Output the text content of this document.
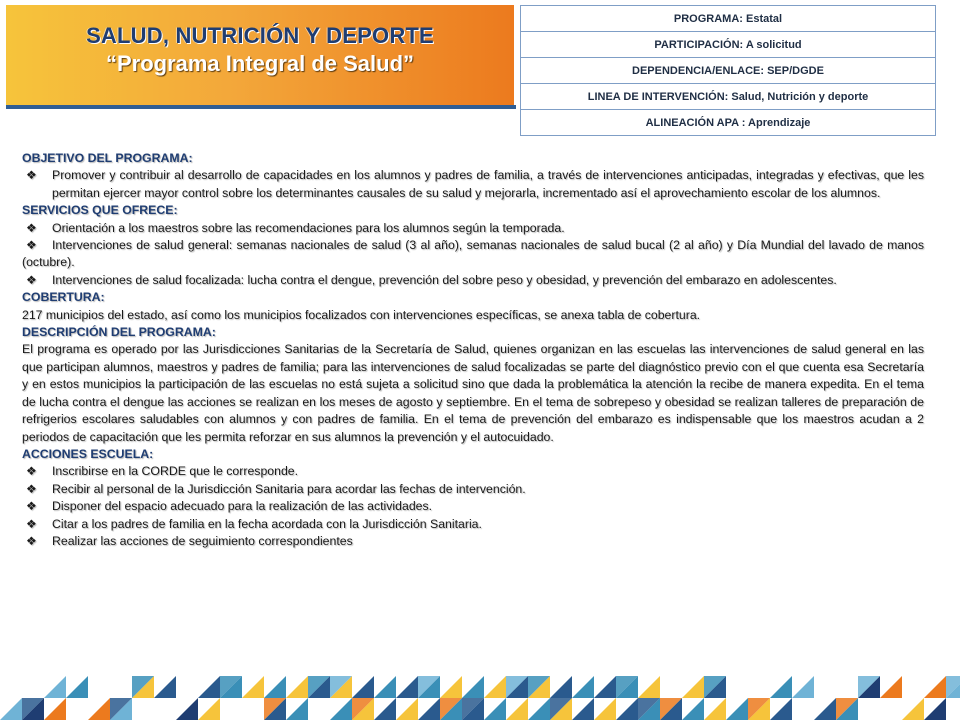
SALUD, NUTRICIÓN Y DEPORTE
“Programa Integral de Salud”
PROGRAMA: Estatal
PARTICIPACIÓN: A solicitud
DEPENDENCIA/ENLACE: SEP/DGDE
LINEA DE INTERVENCIÓN: Salud, Nutrición y deporte
ALINEACIÓN APA : Aprendizaje
OBJETIVO DEL PROGRAMA:
❖ Promover y contribuir al desarrollo de capacidades en los alumnos y padres de familia, a través de intervenciones anticipadas, integradas y efectivas, que les permitan ejercer mayor control sobre los determinantes causales de su salud y mejorarla, incrementado así el aprovechamiento escolar de los alumnos.
SERVICIOS QUE OFRECE:
❖ Orientación a los maestros sobre las recomendaciones para los alumnos según la temporada.
❖ Intervenciones de salud general: semanas nacionales de salud (3 al año), semanas nacionales de salud bucal (2 al año) y Día Mundial del lavado de manos (octubre).
❖ Intervenciones de salud focalizada: lucha contra el dengue, prevención del sobre peso y obesidad, y prevención del embarazo en adolescentes.
COBERTURA:
217 municipios del estado, así como los municipios focalizados con intervenciones específicas, se anexa tabla de cobertura.
DESCRIPCIÓN DEL PROGRAMA:
El programa es operado por las Jurisdicciones Sanitarias de la Secretaría de Salud, quienes organizan en las escuelas las intervenciones de salud general en las que participan alumnos, maestros y padres de familia; para las intervenciones de salud focalizadas se parte del diagnóstico previo con el que cuenta esa Secretaría y en estos municipios la participación de las escuelas no está sujeta a solicitud sino que dada la problemática la atención la recibe de manera expedita. En el tema de lucha contra el dengue las acciones se realizan en los meses de agosto y septiembre. En el tema de sobrepeso y obesidad se realizan talleres de preparación de refrigerios escolares saludables con alumnos y con padres de familia. En el tema de prevención del embarazo es indispensable que los maestros acudan a 2 periodos de capacitación que les permita reforzar en sus alumnos la prevención y el autocuidado.
ACCIONES ESCUELA:
❖ Inscribirse en la CORDE que le corresponde.
❖ Recibir al personal de la Jurisdicción Sanitaria para acordar las fechas de intervención.
❖ Disponer del espacio adecuado para la realización de las actividades.
❖ Citar a los padres de familia en la fecha acordada con la Jurisdicción Sanitaria.
❖ Realizar las acciones de seguimiento correspondientes
